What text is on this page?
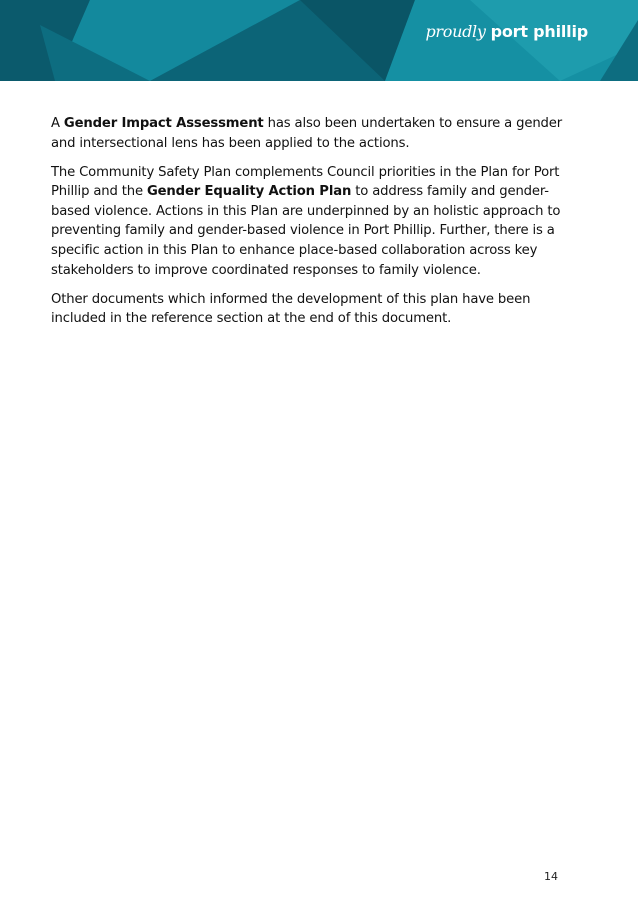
proudly port phillip

A Gender Impact Assessment has also been undertaken to ensure a gender and intersectional lens has been applied to the actions.

The Community Safety Plan complements Council priorities in the Plan for Port Phillip and the Gender Equality Action Plan to address family and gender-based violence. Actions in this Plan are underpinned by an holistic approach to preventing family and gender-based violence in Port Phillip. Further, there is a specific action in this Plan to enhance place-based collaboration across key stakeholders to improve coordinated responses to family violence.

Other documents which informed the development of this plan have been included in the reference section at the end of this document.

14
